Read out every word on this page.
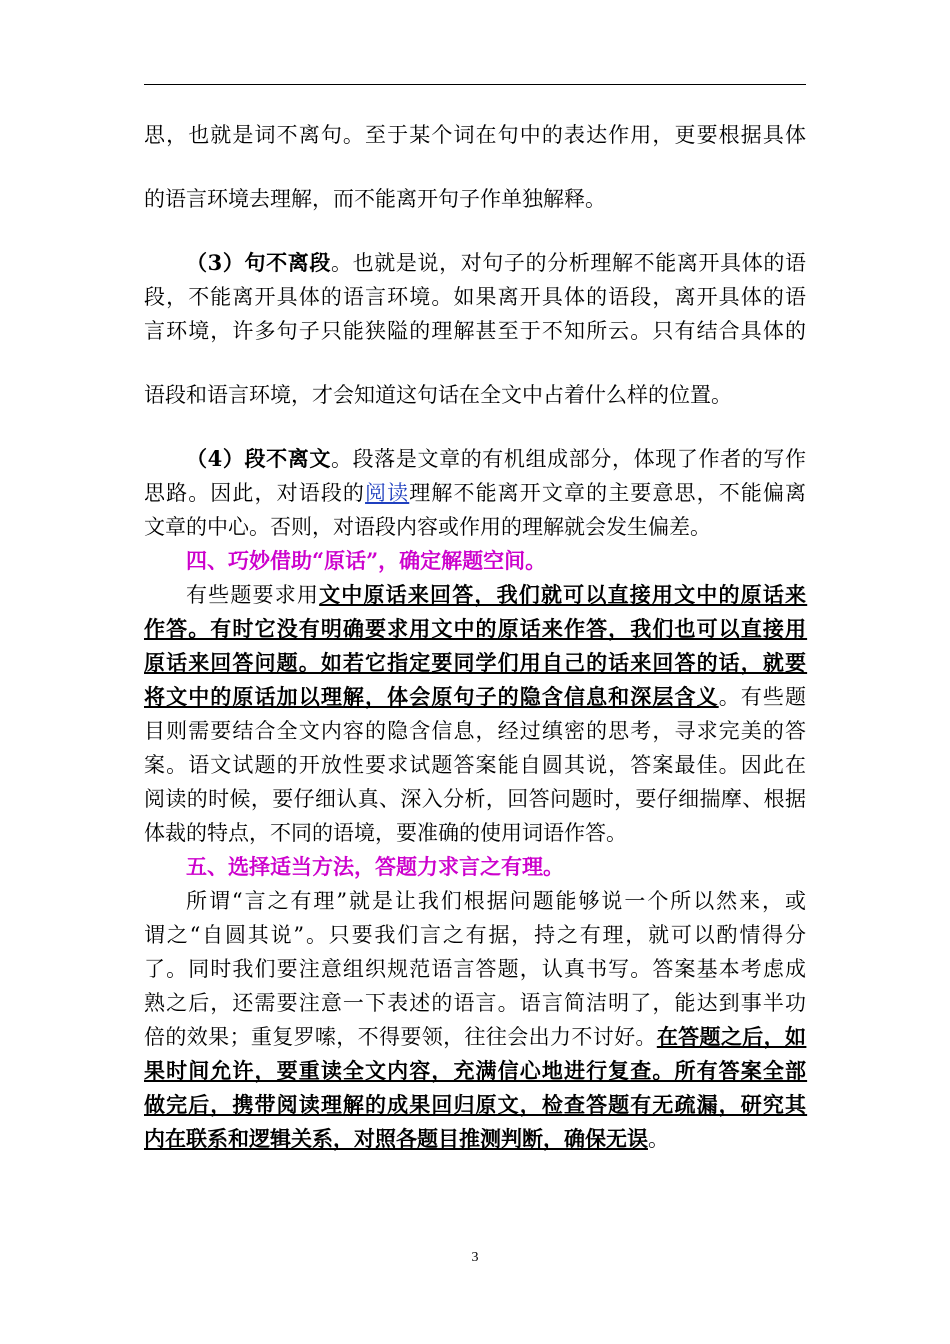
思，也就是词不离句。至于某个词在句中的表达作用，更要根据具体
的语言环境去理解，而不能离开句子作单独解释。
（3）句不离段。也就是说，对句子的分析理解不能离开具体的语
段，不能离开具体的语言环境。如果离开具体的语段，离开具体的语
言环境，许多句子只能狭隘的理解甚至于不知所云。只有结合具体的
语段和语言环境，才会知道这句话在全文中占着什么样的位置。
（4）段不离文。段落是文章的有机组成部分，体现了作者的写作
思路。因此，对语段的阅读理解不能离开文章的主要意思，不能偏离
文章的中心。否则，对语段内容或作用的理解就会发生偏差。
四、巧妙借助“原话”，确定解题空间。
有些题要求用文中原话来回答，我们就可以直接用文中的原话来
作答。有时它没有明确要求用文中的原话来作答，我们也可以直接用
原话来回答问题。如若它指定要同学们用自己的话来回答的话，就要
将文中的原话加以理解，体会原句子的隐含信息和深层含义。有些题
目则需要结合全文内容的隐含信息，经过缜密的思考，寻求完美的答
案。语文试题的开放性要求试题答案能自圆其说，答案最佳。因此在
阅读的时候，要仔细认真、深入分析，回答问题时，要仔细揣摩、根据
体裁的特点，不同的语境，要准确的使用词语作答。
五、选择适当方法，答题力求言之有理。
所谓“言之有理”就是让我们根据问题能够说一个所以然来，或
谓之“自圆其说”。只要我们言之有据，持之有理，就可以酌情得分
了。同时我们要注意组织规范语言答题，认真书写。答案基本考虑成
熟之后，还需要注意一下表述的语言。语言简洁明了，能达到事半功
倍的效果；重复罗嗦，不得要领，往往会出力不讨好。在答题之后，如
果时间允许，要重读全文内容，充满信心地进行复查。所有答案全部
做完后，携带阅读理解的成果回归原文，检查答题有无疏漏，研究其
内在联系和逻辑关系，对照各题目推测判断，确保无误。
3
